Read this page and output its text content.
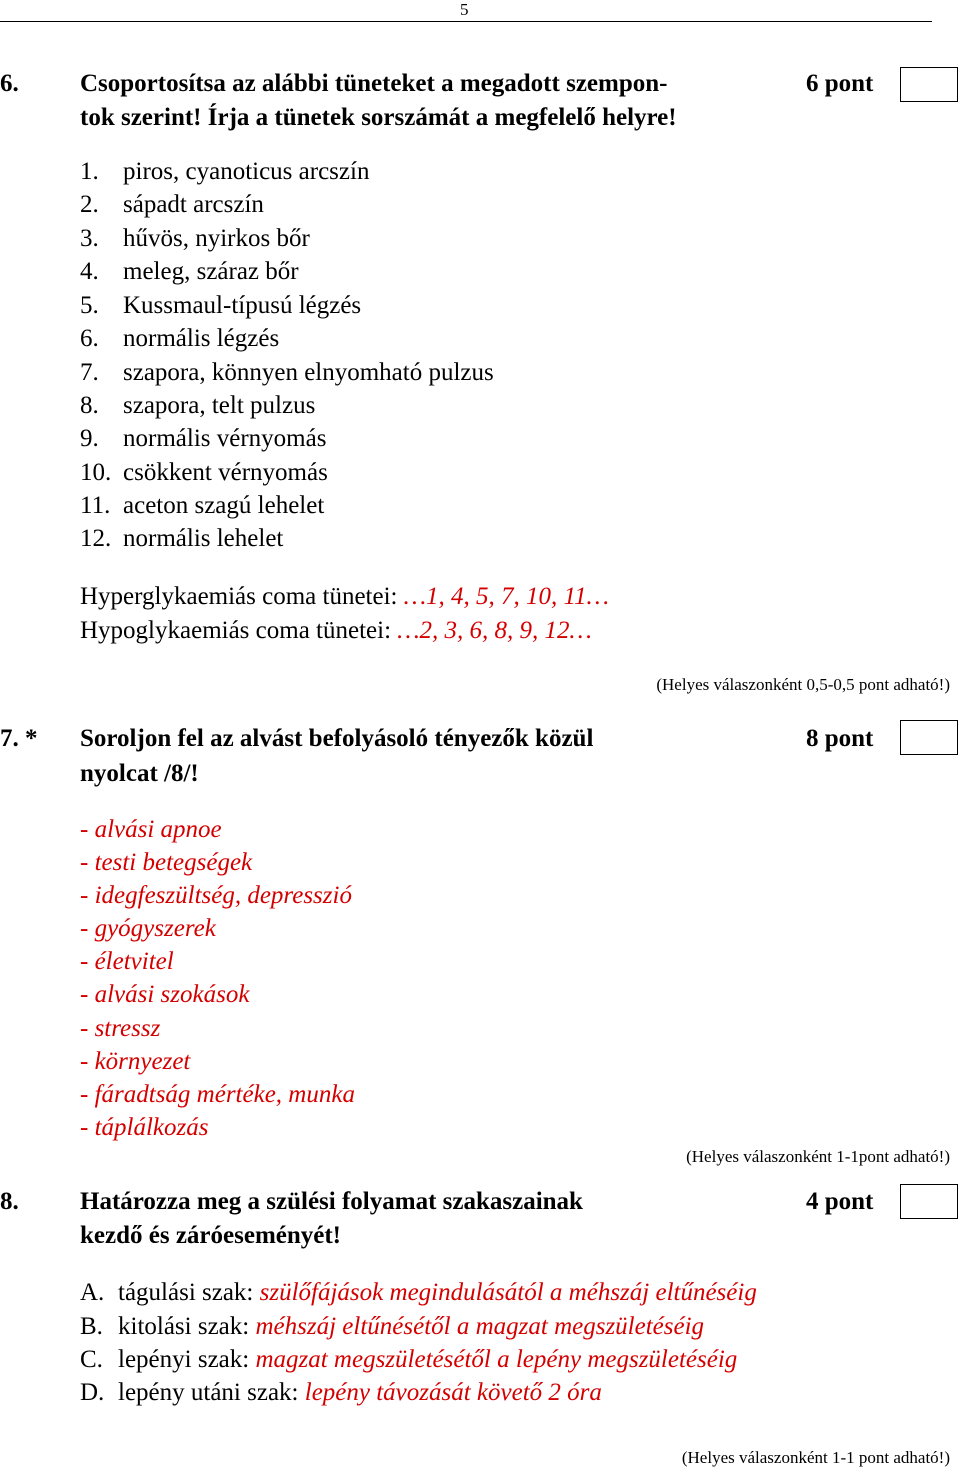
5
6. Csoportosítsa az alábbi tüneteket a megadott szempon-
tok szerint! Írja a tünetek sorszámát a megfelelő helyre!
6 pont
1. piros, cyanoticus arcszín
2. sápadt arcszín
3. hűvös, nyirkos bőr
4. meleg, száraz bőr
5. Kussmaul-típusú légzés
6. normális légzés
7. szapora, könnyen elnyomható pulzus
8. szapora, telt pulzus
9. normális vérnyomás
10. csökkent vérnyomás
11. aceton szagú lehelet
12. normális lehelet
Hyperglykaemiás coma tünetei: …1, 4, 5, 7, 10, 11…
Hypoglykaemiás coma tünetei: …2, 3, 6, 8, 9, 12…
(Helyes válaszonként 0,5-0,5 pont adható!)
7. * Soroljon fel az alvást befolyásoló tényezők közül
nyolcat /8/!
8 pont
- alvási apnoe
- testi betegségek
- idegfeszültség, depresszió
- gyógyszerek
- életvitel
- alvási szokások
- stressz
- környezet
- fáradtság mértéke, munka
- táplálkozás
(Helyes válaszonként 1-1pont adható!)
8. Határozza meg a szülési folyamat szakaszainak
kezdő és záróeseményét!
4 pont
A. tágulási szak: szülőfájások megindulásától a méhszáj eltűnéséig
B. kitolási szak: méhszáj eltűnésétől a magzat megszületéséig
C. lepényi szak: magzat megszületésétől a lepény megszületéséig
D. lepény utáni szak: lepény távozását követő 2 óra
(Helyes válaszonként 1-1 pont adható!)
